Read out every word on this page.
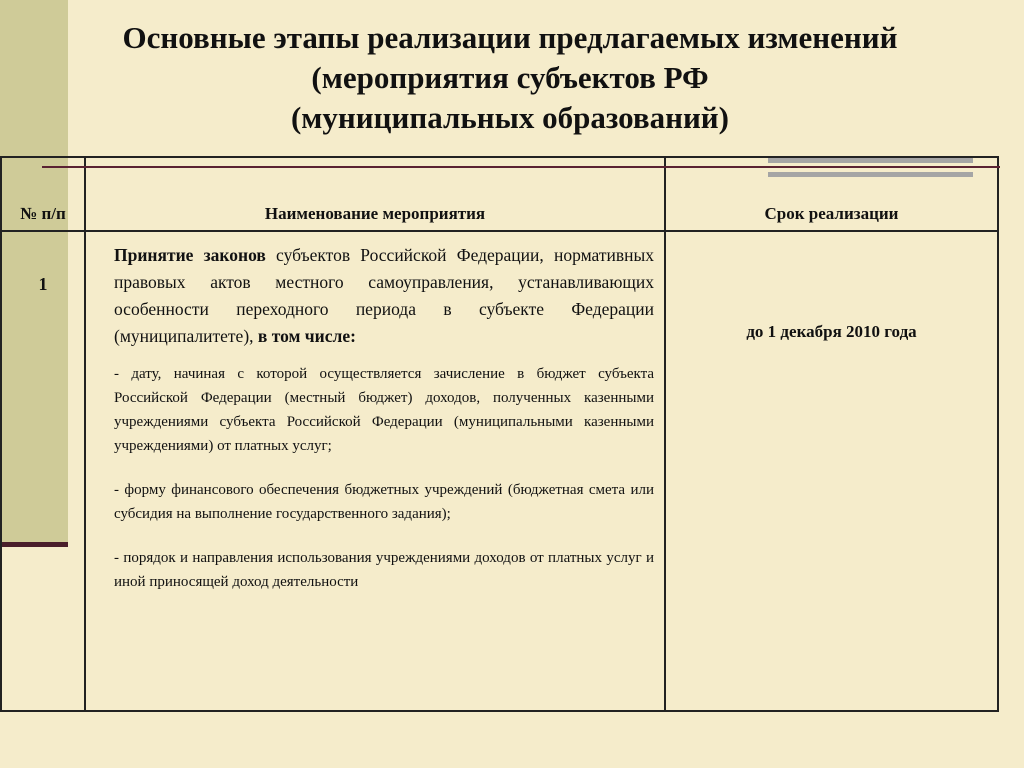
Основные этапы реализации предлагаемых изменений
(мероприятия субъектов РФ
(муниципальных образований)
№ п/п	Наименование мероприятия	Срок реализации
1	Принятие законов субъектов Российской Федерации, нормативных правовых актов местного самоуправления, устанавливающих особенности переходного периода в субъекте Федерации (муниципалитете), в том числе:

- дату, начиная с которой осуществляется зачисление в бюджет субъекта Российской Федерации (местный бюджет) доходов, полученных казенными учреждениями субъекта Российской Федерации (муниципальными казенными учреждениями) от платных услуг;

- форму финансового обеспечения бюджетных учреждений (бюджетная смета или субсидия на выполнение государственного задания);

- порядок и направления использования учреждениями доходов от платных услуг и иной приносящей доход деятельности	до 1 декабря 2010 года
